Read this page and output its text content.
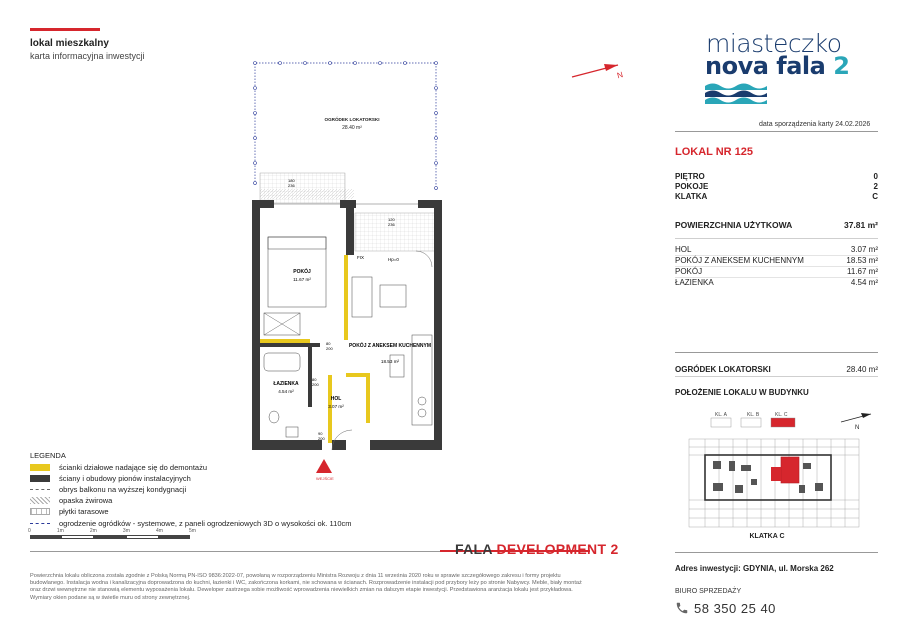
lokal mieszkalny
karta informacyjna inwestycji
N
miasteczko
nova fala 2
data sporządzenia karty 24.02.2026
LOKAL NR 125
PIĘTRO	0
POKOJE	2
KLATKA	C
POWIERZCHNIA UŻYTKOWA	37.81 m²
HOL	3.07 m²
POKÓJ Z ANEKSEM KUCHENNYM	18.53 m²
POKÓJ	11.67 m²
ŁAZIENKA	4.54 m²
OGRÓDEK LOKATORSKI	28.40 m²
POŁOŻENIE LOKALU W BUDYNKU
N
KL. A	KL. B	KL. C
KLATKA C
OGRÓDEK LOKATORSKI
28.40 m²
POKÓJ
11.67 m²
POKÓJ Z ANEKSEM KUCHENNYM
18.53 m²
ŁAZIENKA
4.54 m²
HOL
3.07 m²
FIX	Hp=0
80
200
80
200
90
200
180
236
120
236
WEJŚCIE
LEGENDA
ścianki działowe nadające się do demontażu
ściany i obudowy pionów instalacyjnych
obrys balkonu na wyższej kondygnacji
opaska żwirowa
płytki tarasowe
ogrodzenie ogródków - systemowe, z paneli ogrodzeniowych 3D o wysokości ok. 110cm
0	1m	2m	3m	4m	5m
FALA DEVELOPMENT 2
Powierzchnia lokalu obliczona została zgodnie z Polską Normą PN-ISO 9836:2022-07, powołaną w rozporządzeniu Ministra Rozwoju z dnia 11 września 2020 roku w sprawie szczegółowego zakresu i formy projektu budowlanego. Instalacja wodna i kanalizacyjna doprowadzona do kuchni, łazienki i WC, zakończona korkami, nie schowana w ścianach. Rozprowadzenie instalacji pod przybory leży po stronie Nabywcy. Meble, biały montaż oraz drzwi wewnętrzne nie stanowią elementu wyposażenia lokalu. Deweloper zastrzega sobie możliwość wprowadzenia niewielkich zmian na dalszym etapie inwestycji. Przedstawiona aranżacja lokalu jest przykładowa. Wymiary okien podane są w świetle muru od strony zewnętrznej.
Adres inwestycji: GDYNIA, ul. Morska 262
BIURO SPRZEDAŻY
58 350 25 40
